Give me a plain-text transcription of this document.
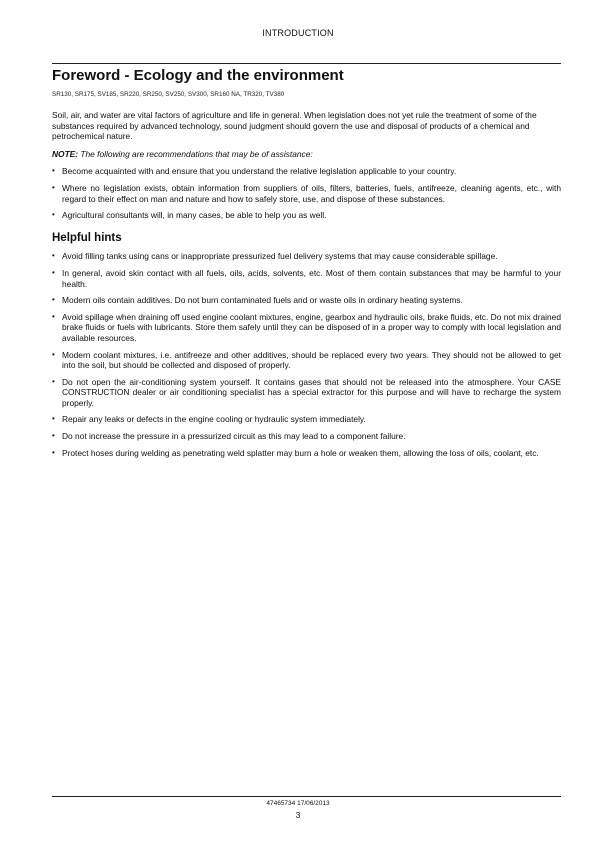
INTRODUCTION
Foreword - Ecology and the environment
SR130, SR175, SV185, SR220, SR250, SV250, SV300, SR160 NA, TR320, TV380

Soil, air, and water are vital factors of agriculture and life in general. When legislation does not yet rule the treatment of some of the substances required by advanced technology, sound judgment should govern the use and disposal of products of a chemical and petrochemical nature.

NOTE: The following are recommendations that may be of assistance:

• Become acquainted with and ensure that you understand the relative legislation applicable to your country.
• Where no legislation exists, obtain information from suppliers of oils, filters, batteries, fuels, antifreeze, cleaning agents, etc., with regard to their effect on man and nature and how to safely store, use, and dispose of these substances.
• Agricultural consultants will, in many cases, be able to help you as well.
Helpful hints
• Avoid filling tanks using cans or inappropriate pressurized fuel delivery systems that may cause considerable spillage.
• In general, avoid skin contact with all fuels, oils, acids, solvents, etc. Most of them contain substances that may be harmful to your health.
• Modern oils contain additives. Do not burn contaminated fuels and or waste oils in ordinary heating systems.
• Avoid spillage when draining off used engine coolant mixtures, engine, gearbox and hydraulic oils, brake fluids, etc. Do not mix drained brake fluids or fuels with lubricants. Store them safely until they can be disposed of in a proper way to comply with local legislation and available resources.
• Modern coolant mixtures, i.e. antifreeze and other additives, should be replaced every two years. They should not be allowed to get into the soil, but should be collected and disposed of properly.
• Do not open the air-conditioning system yourself. It contains gases that should not be released into the atmosphere. Your CASE CONSTRUCTION dealer or air conditioning specialist has a special extractor for this purpose and will have to recharge the system properly.
• Repair any leaks or defects in the engine cooling or hydraulic system immediately.
• Do not increase the pressure in a pressurized circuit as this may lead to a component failure.
• Protect hoses during welding as penetrating weld splatter may burn a hole or weaken them, allowing the loss of oils, coolant, etc.
47465734 17/06/2013
3
